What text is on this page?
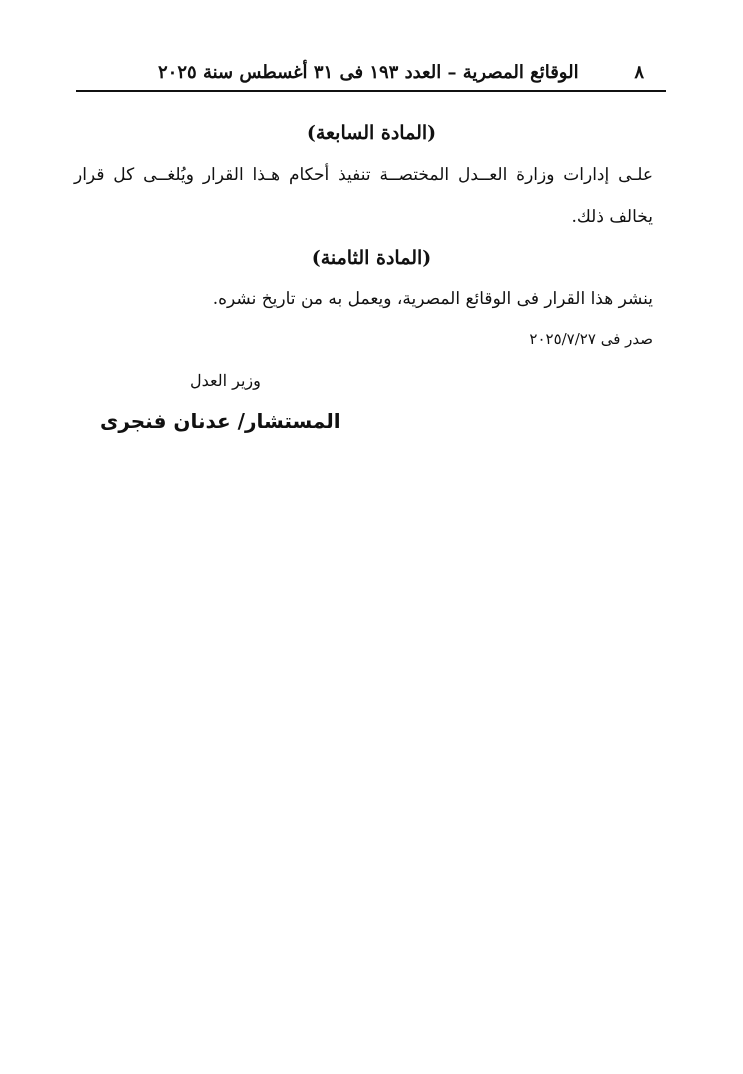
٨
الوقائع المصرية – العدد ١٩٣ فى ٣١ أغسطس سنة ٢٠٢٥
(المادة السابعة)
علـى إدارات وزارة العــدل المختصــة تنفيذ أحكام هـذا القرار ويُلغــى كل قرار
يخالف ذلك.
(المادة الثامنة)
ينشر هذا القرار فى الوقائع المصرية، ويعمل به من تاريخ نشره.
صدر فى ٢٠٢٥/٧/٢٧
وزير العدل
المستشار/ عدنان فنجرى
